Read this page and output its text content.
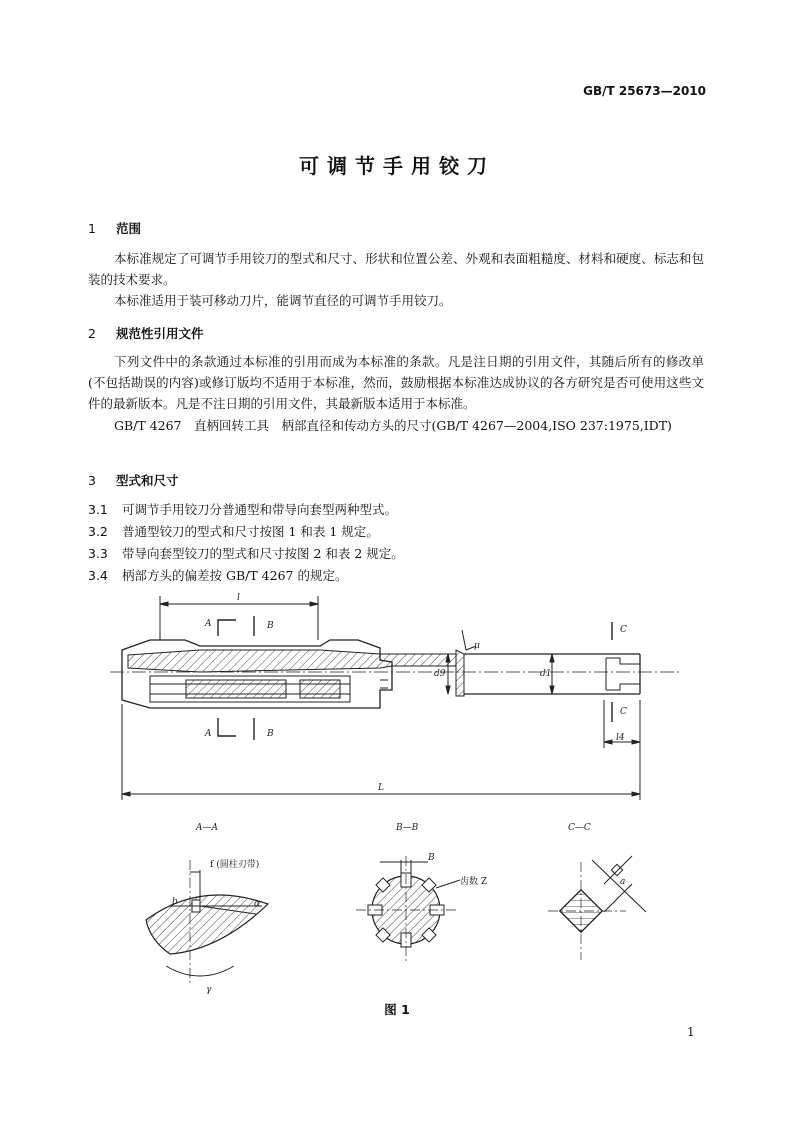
GB/T 25673—2010
可调节手用铰刀
1 范围
本标准规定了可调节手用铰刀的型式和尺寸、形状和位置公差、外观和表面粗糙度、材料和硬度、标志和包装的技术要求。
本标准适用于装可移动刀片，能调节直径的可调节手用铰刀。
2 规范性引用文件
下列文件中的条款通过本标准的引用而成为本标准的条款。凡是注日期的引用文件，其随后所有的修改单(不包括勘误的内容)或修订版均不适用于本标准，然而，鼓励根据本标准达成协议的各方研究是否可使用这些文件的最新版本。凡是不注日期的引用文件，其最新版本适用于本标准。
GB/T 4267　直柄回转工具　柄部直径和传动方头的尺寸(GB/T 4267—2004,ISO 237:1975,IDT)
3 型式和尺寸
3.1 可调节手用铰刀分普通型和带导向套型两种型式。
3.2 普通型铰刀的型式和尺寸按图 1 和表 1 规定。
3.3 带导向套型铰刀的型式和尺寸按图 2 和表 2 规定。
3.4 柄部方头的偏差按 GB/T 4267 的规定。
l
A	B
A	B
μ
d9	d1
C
C
l4
L
A—A	B—B	C—C
f (圆柱刃带)
b	α
γ
B
齿数 Z	a
图 1
1
